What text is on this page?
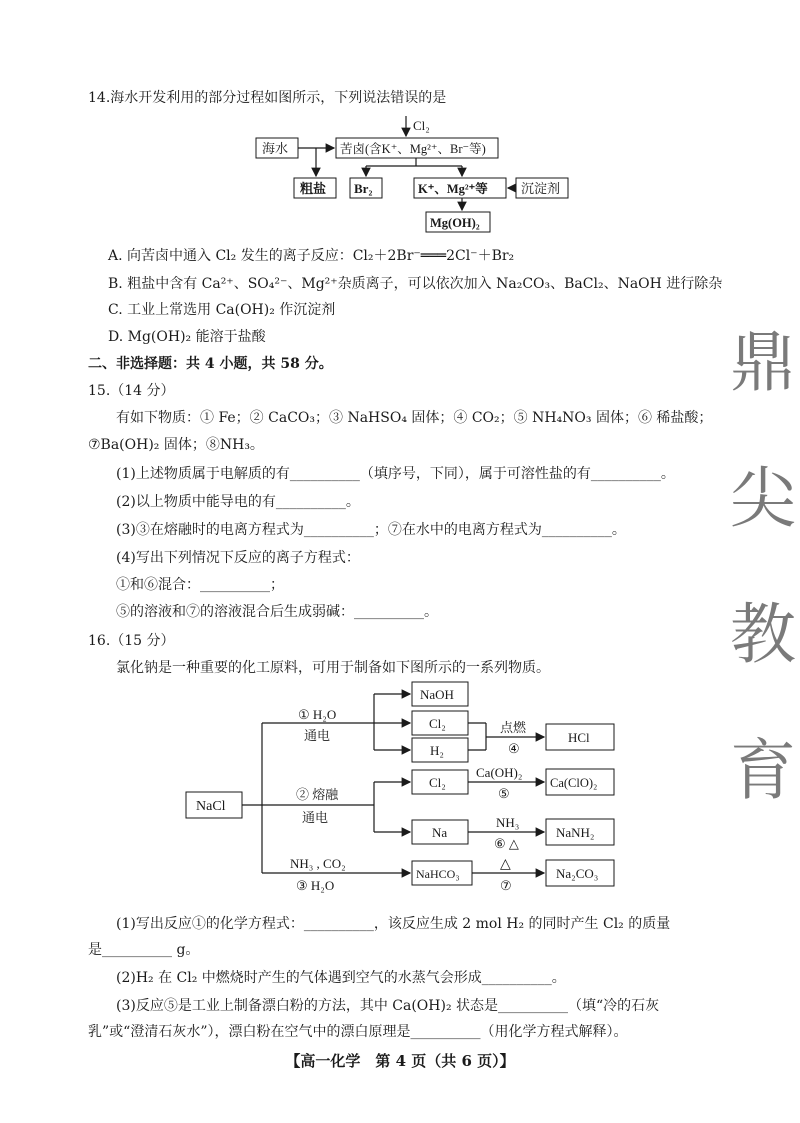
14.海水开发利用的部分过程如图所示，下列说法错误的是
Cl₂
海水	苦卤(含K⁺、Mg²⁺、Br⁻等)
粗盐 Br₂	K⁺、Mg²⁺等	沉淀剂
Mg(OH)₂
A. 向苦卤中通入 Cl₂ 发生的离子反应：Cl₂＋2Br⁻═══2Cl⁻＋Br₂
B. 粗盐中含有 Ca²⁺、SO₄²⁻、Mg²⁺杂质离子，可以依次加入 Na₂CO₃、BaCl₂、NaOH 进行除杂
C. 工业上常选用 Ca(OH)₂ 作沉淀剂
D. Mg(OH)₂ 能溶于盐酸
二、非选择题：共 4 小题，共 58 分。
15.（14 分）
有如下物质：① Fe；② CaCO₃；③ NaHSO₄ 固体；④ CO₂；⑤ NH₄NO₃ 固体；⑥ 稀盐酸；
⑦Ba(OH)₂ 固体；⑧NH₃。
(1)上述物质属于电解质的有__________（填序号，下同），属于可溶性盐的有__________。
(2)以上物质中能导电的有__________。
(3)③在熔融时的电离方程式为__________；⑦在水中的电离方程式为__________。
(4)写出下列情况下反应的离子方程式：
①和⑥混合：__________；
⑤的溶液和⑦的溶液混合后生成弱碱：__________。
16.（15 分）
氯化钠是一种重要的化工原料，可用于制备如下图所示的一系列物质。
NaCl
① H₂O
通电
NaOH
Cl₂
H₂
点燃
④
HCl
② 熔融
通电
Cl₂
Ca(OH)₂
⑤
Ca(ClO)₂
Na
NH₃
⑥ △
NaNH₂
NH₃ , CO₂
③ H₂O
NaHCO₃
△
⑦
Na₂CO₃
(1)写出反应①的化学方程式：__________，该反应生成 2 mol H₂ 的同时产生 Cl₂ 的质量
是__________ g。
(2)H₂ 在 Cl₂ 中燃烧时产生的气体遇到空气的水蒸气会形成__________。
(3)反应⑤是工业上制备漂白粉的方法，其中 Ca(OH)₂ 状态是__________（填“冷的石灰
乳”或“澄清石灰水”），漂白粉在空气中的漂白原理是__________（用化学方程式解释）。
鼎
尖
教
育
【高一化学　第 4 页（共 6 页）】
